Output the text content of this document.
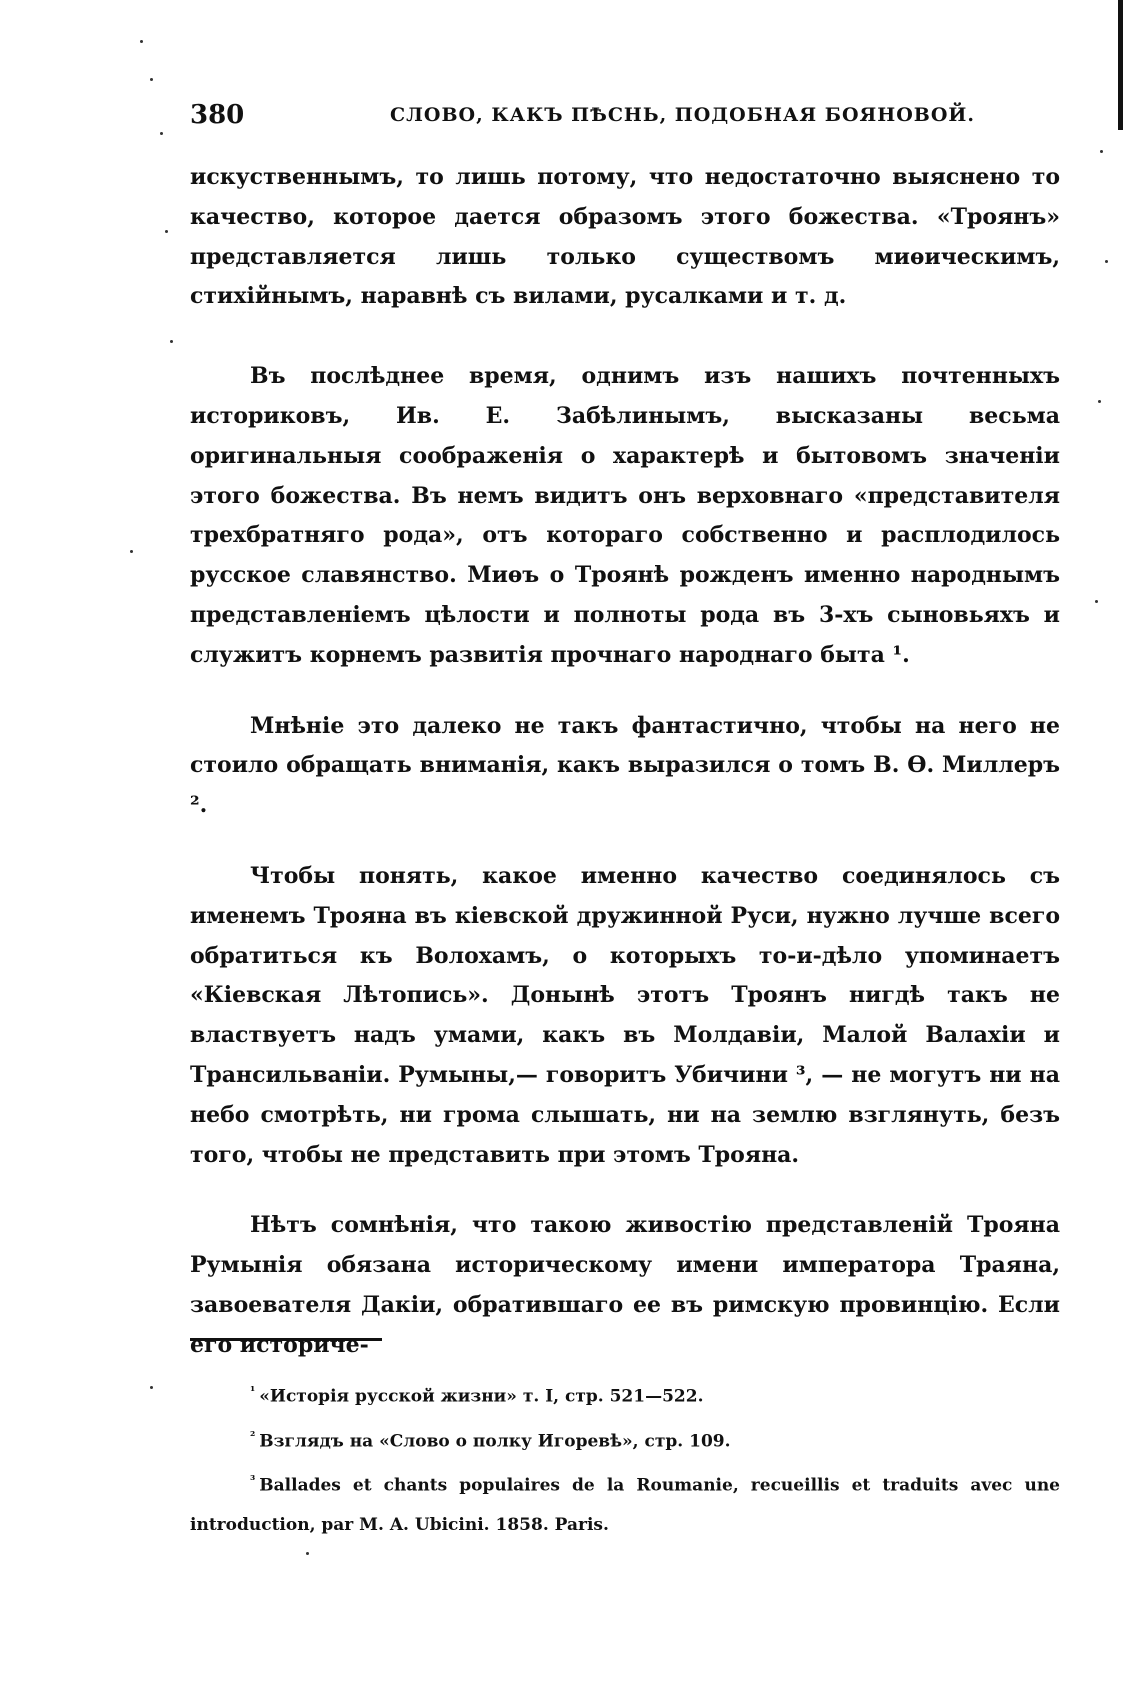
380	СЛОВО, КАКЪ ПѢСНЬ, ПОДОБНАЯ БОЯНОВОЙ.

искуственнымъ, то лишь потому, что недостаточно выяснено то качество, которое дается образомъ этого божества. «Троянъ» представляется лишь только существомъ миѳическимъ, стихійнымъ, наравнѣ съ вилами, русалками и т. д.

Въ послѣднее время, однимъ изъ нашихъ почтенныхъ историковъ, Ив. Е. Забѣлинымъ, высказаны весьма оригинальныя соображенія о характерѣ и бытовомъ значеніи этого божества. Въ немъ видитъ онъ верховнаго «представителя трехбратняго рода», отъ котораго собственно и расплодилось русское славянство. Миѳъ о Троянѣ рожденъ именно народнымъ представленіемъ цѣлости и полноты рода въ 3-хъ сыновьяхъ и служитъ корнемъ развитія прочнаго народнаго быта ¹.

Мнѣніе это далеко не такъ фантастично, чтобы на него не стоило обращать вниманія, какъ выразился о томъ В. Ѳ. Миллеръ ².

Чтобы понять, какое именно качество соединялось съ именемъ Трояна въ кіевской дружинной Руси, нужно лучше всего обратиться къ Волохамъ, о которыхъ то-и-дѣло упоминаетъ «Кіевская Лѣтопись». Донынѣ этотъ Троянъ нигдѣ такъ не властвуетъ надъ умами, какъ въ Молдавіи, Малой Валахіи и Трансильваніи. Румыны,— говоритъ Убичини ³, — не могутъ ни на небо смотрѣть, ни грома слышать, ни на землю взглянуть, безъ того, чтобы не представить при этомъ Трояна.

Нѣтъ сомнѣнія, что такою живостію представленій Трояна Румынія обязана историческому имени императора Траяна, завоевателя Дакіи, обратившаго ее въ римскую провинцію. Если его историче-

$^{^1}$ «Исторія русской жизни» т. I, стр. 521—522.

$^{^2}$ Взглядъ на «Слово о полку Игоревѣ», стр. 109.

$^{^3}$ Ballades et chants populaires de la Roumanie, recueillis et traduits avec une introduction, par M. A. Ubicini. 1858. Paris.
